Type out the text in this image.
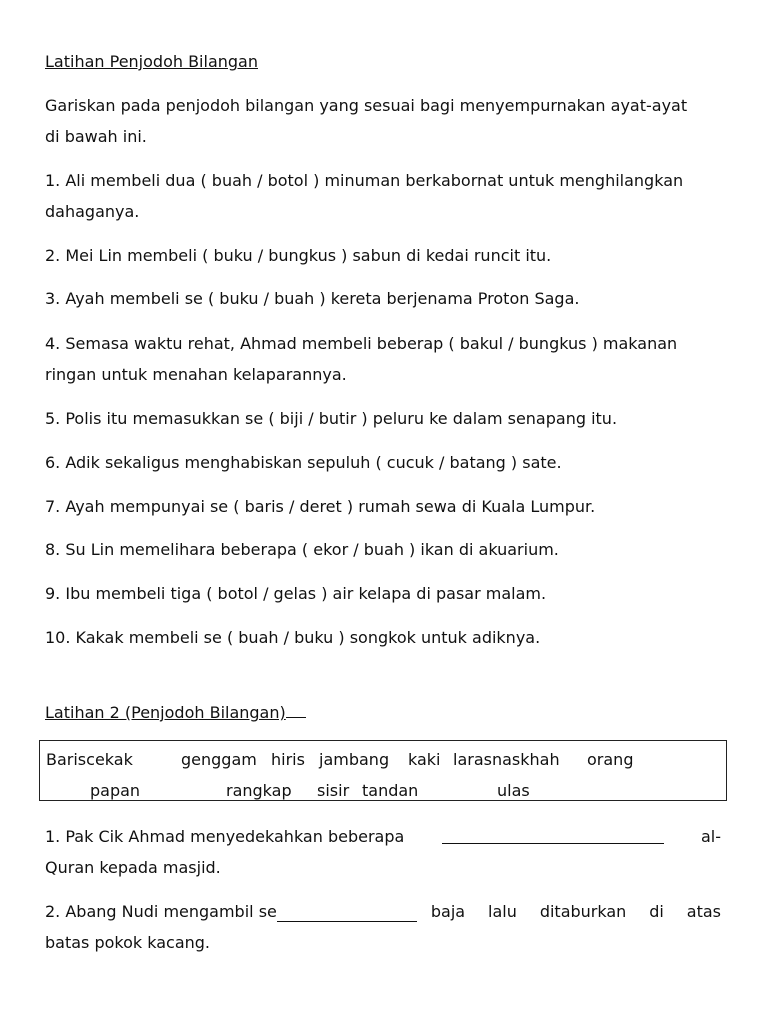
Latihan Penjodoh Bilangan
Gariskan pada penjodoh bilangan yang sesuai bagi menyempurnakan ayat-ayat
di bawah ini.
1. Ali membeli dua ( buah / botol ) minuman berkabornat untuk menghilangkan
dahaganya.
2. Mei Lin membeli ( buku / bungkus ) sabun di kedai runcit itu.
3. Ayah membeli se ( buku / buah ) kereta berjenama Proton Saga.
4. Semasa waktu rehat, Ahmad membeli beberap ( bakul / bungkus ) makanan
ringan untuk menahan kelaparannya.
5. Polis itu memasukkan se ( biji / butir ) peluru ke dalam senapang itu.
6. Adik sekaligus menghabiskan sepuluh ( cucuk / batang ) sate.
7. Ayah mempunyai se ( baris / deret ) rumah sewa di Kuala Lumpur.
8. Su Lin memelihara beberapa ( ekor / buah ) ikan di akuarium.
9. Ibu membeli tiga ( botol / gelas ) air kelapa di pasar malam.
10. Kakak membeli se ( buah / buku ) songkok untuk adiknya.
Latihan 2 (Penjodoh Bilangan)
Bariscekak	genggam hiris jambang kaki larasnaskhah orang
papan	rangkap sisir tandan	ulas
1. Pak Cik Ahmad menyedekahkan beberapa	al-
Quran kepada masjid.
2. Abang Nudi mengambil se	baja lalu ditaburkan di atas
batas pokok kacang.
